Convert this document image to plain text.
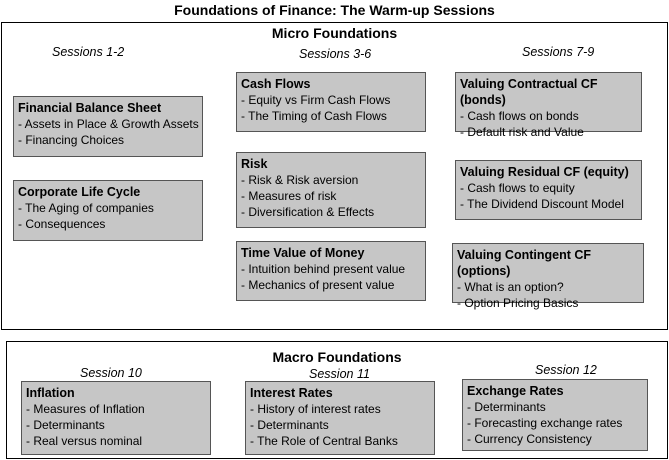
Foundations of Finance: The Warm-up Sessions
Micro Foundations
Sessions 1-2	Sessions 3-6	Sessions 7-9
Financial Balance Sheet
- Assets in Place & Growth Assets
- Financing Choices
Corporate Life Cycle
- The Aging of companies
- Consequences
Cash Flows
- Equity vs Firm Cash Flows
- The Timing of Cash Flows
Risk
- Risk & Risk aversion
- Measures of risk
- Diversification & Effects
Time Value of Money
- Intuition behind present value
- Mechanics of present value
Valuing Contractual CF (bonds)
- Cash flows on bonds
- Default risk and Value
Valuing Residual CF (equity)
- Cash flows to equity
- The Dividend Discount Model
Valuing Contingent CF (options)
- What is an option?
- Option Pricing Basics
Macro Foundations
Session 10	Session 11	Session 12
Inflation
- Measures of Inflation
- Determinants
- Real versus nominal
Interest Rates
- History of interest rates
- Determinants
- The Role of Central Banks
Exchange Rates
- Determinants
- Forecasting exchange rates
- Currency Consistency
